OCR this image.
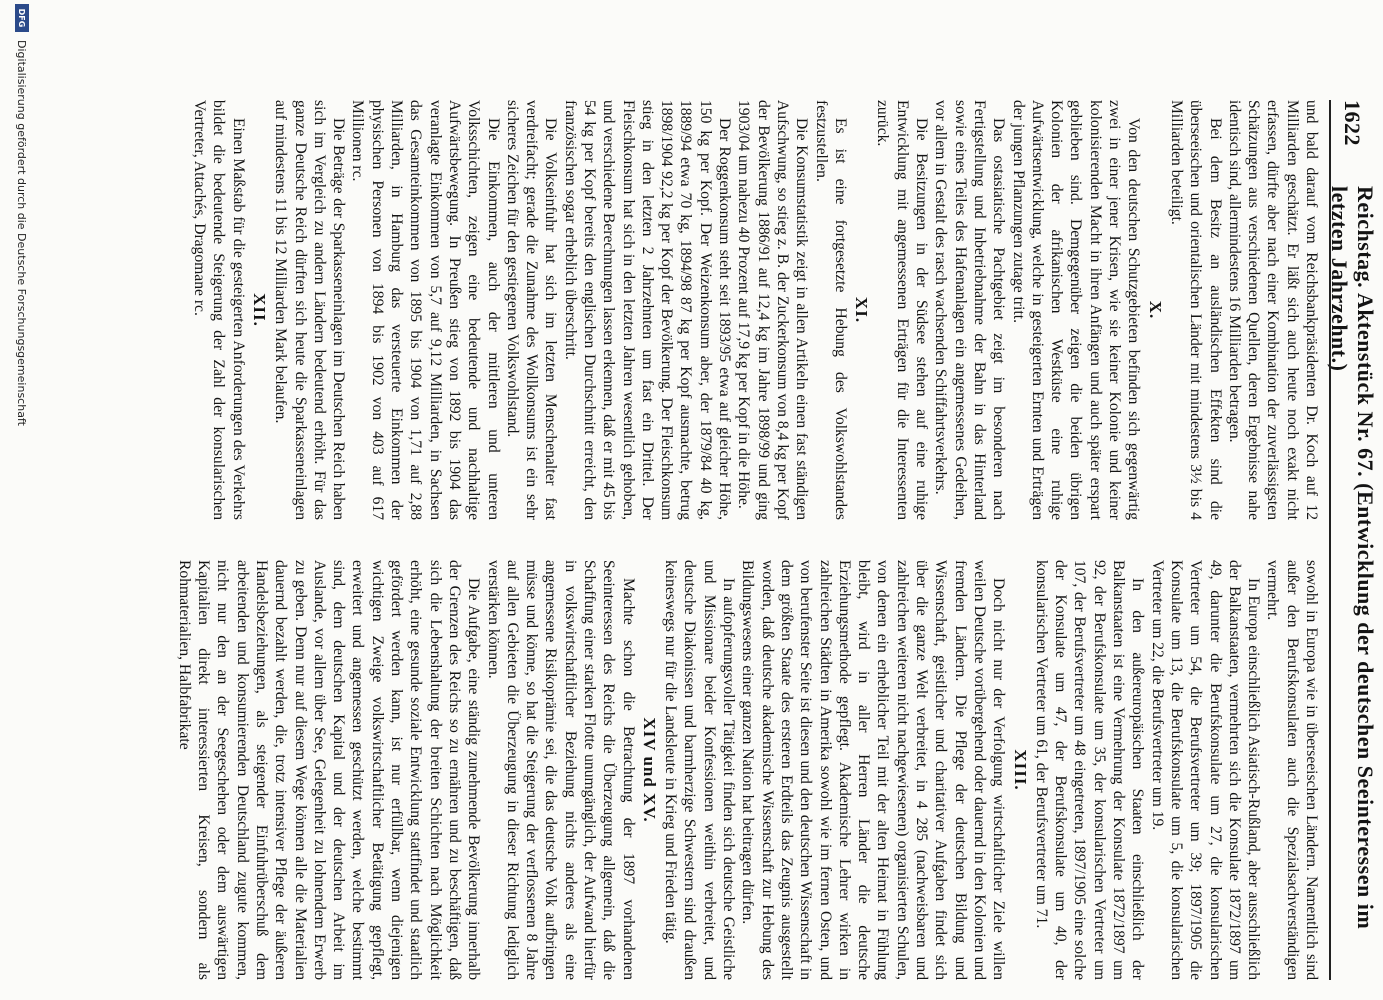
1622
Reichstag. Aktenstück Nr. 67. (Entwicklung der deutschen Seeinteressen im letzten Jahrzehnt.)

und bald darauf vom Reichsbankpräsidenten Dr. Koch auf 12 Milliarden geschätzt. Er läßt sich auch heute noch exakt nicht erfassen, dürfte aber nach einer Kombination der zuverlässigsten Schätzungen aus verschiedenen Quellen, deren Ergebnisse nahe identisch sind, allermindestens 16 Milliarden betragen.

Bei dem Besitz an ausländischen Effekten sind die überseeischen und orientalischen Länder mit mindestens 3½ bis 4 Milliarden beteiligt.

X.

Von den deutschen Schutzgebieten befinden sich gegenwärtig zwei in einer jener Krisen, wie sie keiner Kolonie und keiner kolonisierenden Macht in ihren Anfängen und auch später erspart geblieben sind. Demgegenüber zeigen die beiden übrigen Kolonien der afrikanischen Westküste eine ruhige Aufwärtsentwicklung, welche in gesteigerten Ernten und Erträgen der jungen Pflanzungen zutage tritt.

Das ostasiatische Pachtgebiet zeigt im besonderen nach Fertigstellung und Inbetriebnahme der Bahn in das Hinterland sowie eines Teiles des Hafenanlagen ein angemessenes Gedeihen, vor allem in Gestalt des rasch wachsenden Schiffahrtsverkehrs.

Die Besitzungen in der Südsee stehen auf eine ruhige Entwicklung mit angemessenen Erträgen für die Interessenten zurück.

XI.

Es ist eine fortgesetzte Hebung des Volkswohlstandes festzustellen.

Die Konsumstatistik zeigt in allen Artikeln einen fast ständigen Aufschwung, so stieg z. B. der Zuckerkonsum von 8,4 kg per Kopf der Bevölkerung 1886/91 auf 12,4 kg im Jahre 1898/99 und ging 1903/04 um nahezu 40 Prozent auf 17,9 kg per Kopf in die Höhe.

Der Roggenkonsum steht seit 1893/95 etwa auf gleicher Höhe, 150 kg per Kopf. Der Weizenkonsum aber, der 1879/84 40 kg, 1889/94 etwa 70 kg, 1894/98 87 kg per Kopf ausmachte, betrug 1898/1904 92,2 kg per Kopf der Bevölkerung. Der Fleischkonsum stieg in den letzten 2 Jahrzehnten um fast ein Drittel. Der Fleischkonsum hat sich in den letzten Jahren wesentlich gehoben, und verschiedene Berechnungen lassen erkennen, daß er mit 45 bis 54 kg per Kopf bereits den englischen Durchschnitt erreicht, den französischen sogar erheblich überschritt.

Die Volkseinfuhr hat sich im letzten Menschenalter fast verdreifacht; gerade die Zunahme des Wollkonsums ist ein sehr sicheres Zeichen für den gestiegenen Volkswohlstand.

Die Einkommen, auch der mittleren und unteren Volksschichten, zeigen eine bedeutende und nachhaltige Aufwärtsbewegung. In Preußen stieg von 1892 bis 1904 das veranlagte Einkommen von 5,7 auf 9,12 Milliarden, in Sachsen das Gesamteinkommen von 1895 bis 1904 von 1,71 auf 2,88 Milliarden, in Hamburg das versteuerte Einkommen der physischen Personen von 1894 bis 1902 von 403 auf 617 Millionen rc.

Die Beträge der Sparkasseneinlagen im Deutschen Reich haben sich im Vergleich zu andern Ländern bedeutend erhöht. Für das ganze Deutsche Reich dürften sich heute die Sparkasseneinlagen auf mindestens 11 bis 12 Milliarden Mark belaufen.

XII.

Einen Maßstab für die gesteigerten Anforderungen des Verkehrs bildet die bedeutende Steigerung der Zahl der konsularischen Vertreter, Attachés, Dragomane rc.

sowohl in Europa wie in überseeischen Ländern. Namentlich sind außer den Berufskonsulaten auch die Spezialsachverständigen vermehrt.

In Europa einschließlich Asiatisch-Rußland, aber ausschließlich der Balkanstaaten, vermehrten sich die Konsulate 1872/1897 um 49, darunter die Berufskonsulate um 27, die konsularischen Vertreter um 54, die Berufsvertreter um 39; 1897/1905 die Konsulate um 13, die Berufskonsulate um 5, die konsularischen Vertreter um 22, die Berufsvertreter um 19.

In den außereuropäischen Staaten einschließlich der Balkanstaaten ist eine Vermehrung der Konsulate 1872/1897 um 92, der Berufskonsulate um 35, der konsularischen Vertreter um 107, der Berufsvertreter um 48 eingetreten, 1897/1905 eine solche der Konsulate um 47, der Berufskonsulate um 40, der konsularischen Vertreter um 61, der Berufsvertreter um 71.

XIII.

Doch nicht nur der Verfolgung wirtschaftlicher Ziele willen weilen Deutsche vorübergehend oder dauernd in den Kolonien und fremden Ländern. Die Pflege der deutschen Bildung und Wissenschaft, geistlicher und charitativer Aufgaben findet sich über die ganze Welt verbreitet, in 4 285 (nachweisbaren und zahlreichen weiteren nicht nachgewiesenen) organisierten Schulen, von denen ein erheblicher Teil mit der alten Heimat in Fühlung bleibt, wird in aller Herren Länder die deutsche Erziehungsmethode gepflegt. Akademische Lehrer wirken in zahlreichen Städten in Amerika sowohl wie im fernen Osten, und von berufenster Seite ist diesen und den deutschen Wissenschaft in dem größten Staate des ersteren Erdteils das Zeugnis ausgestellt worden, daß deutsche akademische Wissenschaft zur Hebung des Bildungswesens einer ganzen Nation hat beitragen dürfen.

In aufopferungsvoller Tätigkeit finden sich deutsche Geistliche und Missionare beider Konfessionen weithin verbreitet, und deutsche Diakonissen und barmherzige Schwestern sind draußen keineswegs nur für die Landsleute in Krieg und Frieden tätig.

XIV und XV.

Machte schon die Betrachtung der 1897 vorhandenen Seeinteressen des Reichs die Überzeugung allgemein, daß die Schaffung einer starken Flotte unumgänglich, der Aufwand hierfür in volkswirtschaftlicher Beziehung nichts anderes als eine angemessene Risikoprämie sei, die das deutsche Volk aufbringen müsse und könne, so hat die Steigerung der verflossenen 8 Jahre auf allen Gebieten die Überzeugung in dieser Richtung lediglich verstärken können.

Die Aufgabe, eine ständig zunehmende Bevölkerung innerhalb der Grenzen des Reichs so zu ernähren und zu beschäftigen, daß sich die Lebenshaltung der breiten Schichten nach Möglichkeit erhöht, eine gesunde soziale Entwicklung stattfindet und staatlich gefördert werden kann, ist nur erfüllbar, wenn diejenigen wichtigen Zweige volkswirtschaftlicher Betätigung gepflegt, erweitert und angemessen geschützt werden, welche bestimmt sind, dem deutschen Kapital und der deutschen Arbeit im Auslande, vor allem über See, Gelegenheit zu lohnendem Erwerb zu geben. Denn nur auf diesem Wege können alle die Materialien dauernd bezahlt werden, die, trotz intensiver Pflege der äußeren Handelsbeziehungen, als steigender Einfuhrüberschuß dem arbeitenden und konsumierenden Deutschland zugute kommen, nicht nur den an der Seegeschehen oder dem auswärtigen Kapitalien direkt interessierten Kreisen, sondern als Rohmaterialien, Halbfabrikate

DFG
Digitalisierung gefördert durch die Deutsche Forschungsgemeinschaft
